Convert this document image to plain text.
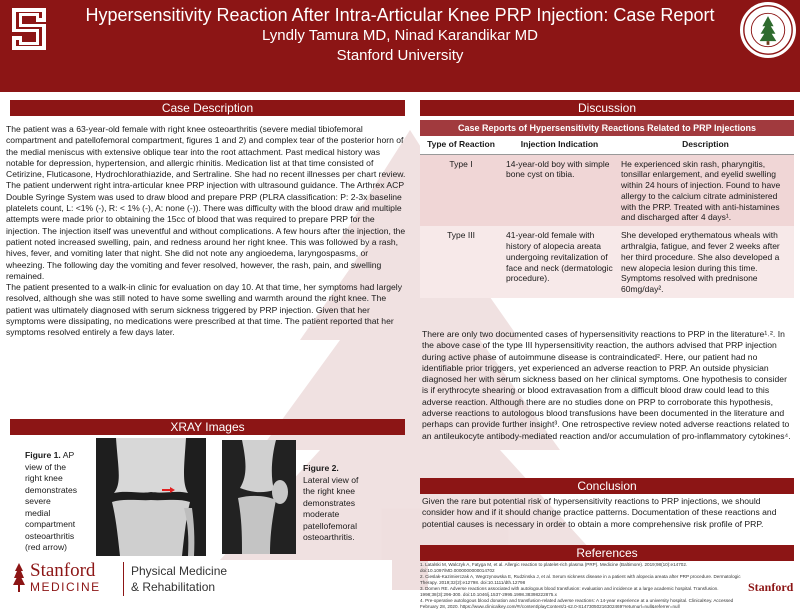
Hypersensitivity Reaction After Intra-Articular Knee PRP Injection: Case Report
Lyndly Tamura MD, Ninad Karandikar MD
Stanford University
Case Description

The patient was a 63-year-old female with right knee osteoarthritis (severe medial tibiofemoral compartment and patellofemoral compartment, figures 1 and 2) and complex tear of the posterior horn of the medial meniscus with extensive oblique tear into the root attachment. Past medical history was notable for depression, hypertension, and allergic rhinitis. Medication list at that time consisted of Cetirizine, Fluticasone, Hydrochlorathiazide, and Sertraline. She had no recent illnesses per chart review.

The patient underwent right intra-articular knee PRP injection with ultrasound guidance. The Arthrex ACP Double Syringe System was used to draw blood and prepare PRP (PLRA classification: P: 2-3x baseline platelets count, L: <1% (-), R: < 1% (-), A: none (-)). There was difficulty with the blood draw and multiple attempts were made prior to obtaining the 15cc of blood that was required to prepare PRP for the injection. The injection itself was uneventful and without complications. A few hours after the injection, the patient noted increased swelling, pain, and redness around her right knee. This was followed by a rash, hives, fever, and vomiting later that night. She did not note any angioedema, laryngospasms, or wheezing. The following day the vomiting and fever resolved, however, the rash, pain, and swelling remained.

The patient presented to a walk-in clinic for evaluation on day 10. At that time, her symptoms had largely resolved, although she was still noted to have some swelling and warmth around the right knee. The patient was ultimately diagnosed with serum sickness triggered by PRP injection. Given that her symptoms were dissipating, no medications were prescribed at that time. The patient reported that her symptoms resolved entirely a few days later.

XRAY Images
Figure 1. AP view of the right knee demonstrates severe medial compartment osteoarthritis (red arrow)
Figure 2. Lateral view of the right knee demonstrates moderate patellofemoral osteoarthritis.
Stanford
MEDICINE
Physical Medicine
& Rehabilitation
Discussion
Case Reports of Hypersensitivity Reactions Related to PRP Injections		
Type of Reaction	Injection Indication	Description
Type I	14-year-old boy with simple bone cyst on tibia.	He experienced skin rash, pharyngitis, tonsillar enlargement, and eyelid swelling within 24 hours of injection. Found to have allergy to the calcium citrate administered with the PRP. Treated with anti-histamines and discharged after 4 days¹.
Type III	41-year-old female with history of alopecia areata undergoing revitalization of face and neck (dermatologic procedure).	She developed erythematous wheals with arthralgia, fatigue, and fever 2 weeks after her third procedure. She also developed a new alopecia lesion during this time. Symptoms resolved with prednisone 60mg/day².
There are only two documented cases of hypersensitivity reactions to PRP in the literature¹˒². In the above case of the type III hypersensitivity reaction, the authors advised that PRP injection during active phase of autoimmune disease is contraindicated². Here, our patient had no identifiable prior triggers, yet experienced an adverse reaction to PRP. An outside physician diagnosed her with serum sickness based on her clinical symptoms. One hypothesis to consider is if erythrocyte shearing or blood extravasation from a difficult blood draw could lead to this adverse reaction. Although there are no studies done on PRP to corroborate this hypothesis, adverse reactions to autologous blood transfusions have been documented in the literature and perhaps can provide further insight³. One retrospective review noted adverse reactions related to an antileukocyte antibody-mediated reaction and/or accumulation of pro-inflammatory cytokines⁴.
Conclusion
Given the rare but potential risk of hypersensitivity reactions to PRP injections, we should consider how and if it should change practice patterns. Documentation of these reactions and potential causes is necessary in order to obtain a more comprehensive risk profile of PRP.
References
1. Latalski M, Walczyk A, Fatyga M, et al. Allergic reaction to platelet-rich plasma (PRP). Medicine (Baltimore). 2019;98(10):e14702. doi:10.1097/MD.0000000000014702
2. Cieslak-Kazimierczak A, Wegrzynowska E, Rudzinska J, et al. Serum sickness disease in a patient with alopecia areata after PRP procedure. Dermatologic Therapy. 2019;32(2):e12798. doi:10.1111/dth.12798
3. Domen RE. Adverse reactions associated with autologous blood transfusion: evaluation and incidence at a large academic hospital. Transfusion. 1998;38(3):296-300. doi:10.1046/j.1537-2995.1998.38398222875.x
4. Pre-operative autologous blood donation and transfusion-related adverse reactions: A 14-year experience at a university hospital. ClinicalKey. Accessed February 28, 2020. https://www.clinicalkey.com/#!/content/playContent/1-s2.0-S1473050216302469?returnurl=null&referrer=null
Stanford
